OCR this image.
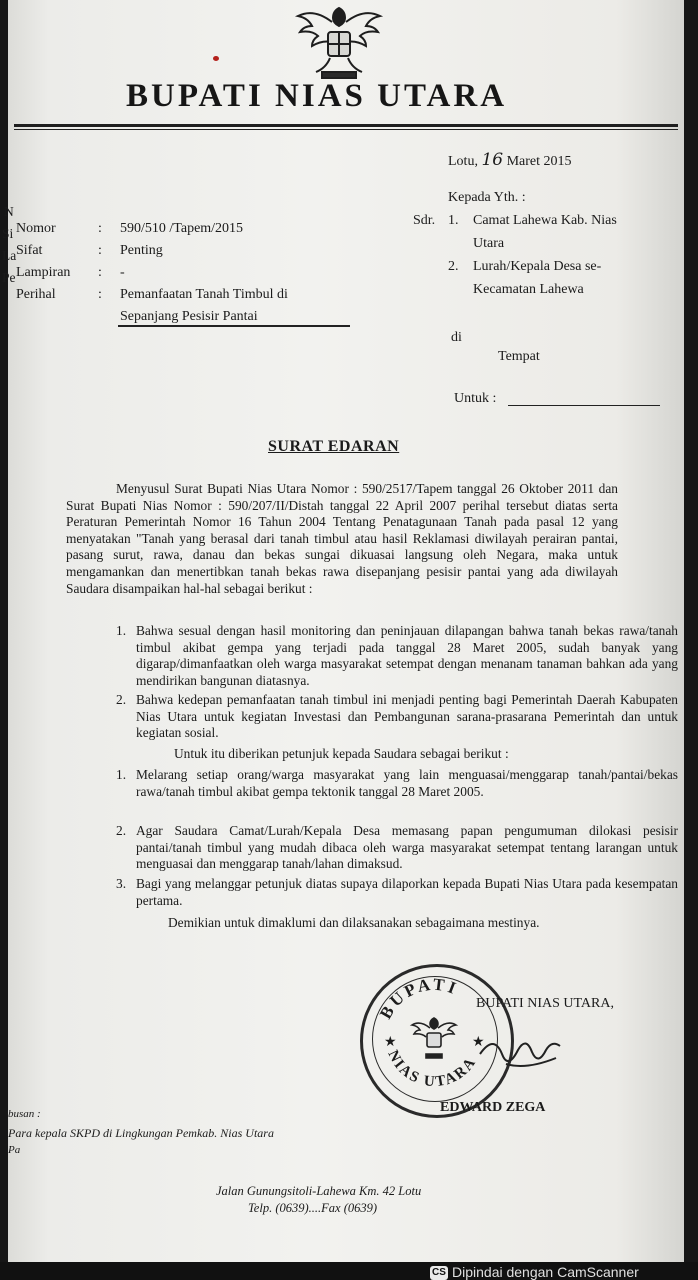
BUPATI NIAS UTARA
N
Si
La
Pe
Lotu, 16 Maret 2015
Kepada Yth. :
Sdr. 1. Camat Lahewa Kab. Nias
Utara
2. Lurah/Kepala Desa se-
Kecamatan Lahewa
di
Tempat
Untuk :
Nomor	: 590/510 /Tapem/2015
Sifat	: Penting
Lampiran : -
Perihal	: Pemanfaatan Tanah Timbul di
Sepanjang Pesisir Pantai
SURAT EDARAN
Menyusul Surat Bupati Nias Utara Nomor : 590/2517/Tapem tanggal 26 Oktober 2011 dan Surat Bupati Nias Nomor : 590/207/II/Distah tanggal 22 April 2007 perihal tersebut diatas serta Peraturan Pemerintah Nomor 16 Tahun 2004 Tentang Penatagunaan Tanah pada pasal 12 yang menyatakan "Tanah yang berasal dari tanah timbul atau hasil Reklamasi diwilayah perairan pantai, pasang surut, rawa, danau dan bekas sungai dikuasai langsung oleh Negara, maka untuk mengamankan dan menertibkan tanah bekas rawa disepanjang pesisir pantai yang ada diwilayah Saudara disampaikan hal-hal sebagai berikut :
1. Bahwa sesual dengan hasil monitoring dan peninjauan dilapangan bahwa tanah bekas rawa/tanah timbul akibat gempa yang terjadi pada tanggal 28 Maret 2005, sudah banyak yang digarap/dimanfaatkan oleh warga masyarakat setempat dengan menanam tanaman bahkan ada yang mendirikan bangunan diatasnya.
2. Bahwa kedepan pemanfaatan tanah timbul ini menjadi penting bagi Pemerintah Daerah Kabupaten Nias Utara untuk kegiatan Investasi dan Pembangunan sarana-prasarana Pemerintah dan untuk kegiatan sosial.
Untuk itu diberikan petunjuk kepada Saudara sebagai berikut :
1. Melarang setiap orang/warga masyarakat yang lain menguasai/menggarap tanah/pantai/bekas rawa/tanah timbul akibat gempa tektonik tanggal 28 Maret 2005.
2. Agar Saudara Camat/Lurah/Kepala Desa memasang papan pengumuman dilokasi pesisir pantai/tanah timbul yang mudah dibaca oleh warga masyarakat setempat tentang larangan untuk menguasai dan menggarap tanah/lahan dimaksud.
3. Bagi yang melanggar petunjuk diatas supaya dilaporkan kepada Bupati Nias Utara pada kesempatan pertama.
Demikian untuk dimaklumi dan dilaksanakan sebagaimana mestinya.
BUPATI
NIAS UTARA
★	★
BUPATI NIAS UTARA,
EDWARD ZEGA
busan :
Para kepala SKPD di Lingkungan Pemkab. Nias Utara
Pa
Jalan Gunungsitoli-Lahewa Km. 42 Lotu
Telp. (0639)....Fax (0639)
CS Dipindai dengan CamScanner
